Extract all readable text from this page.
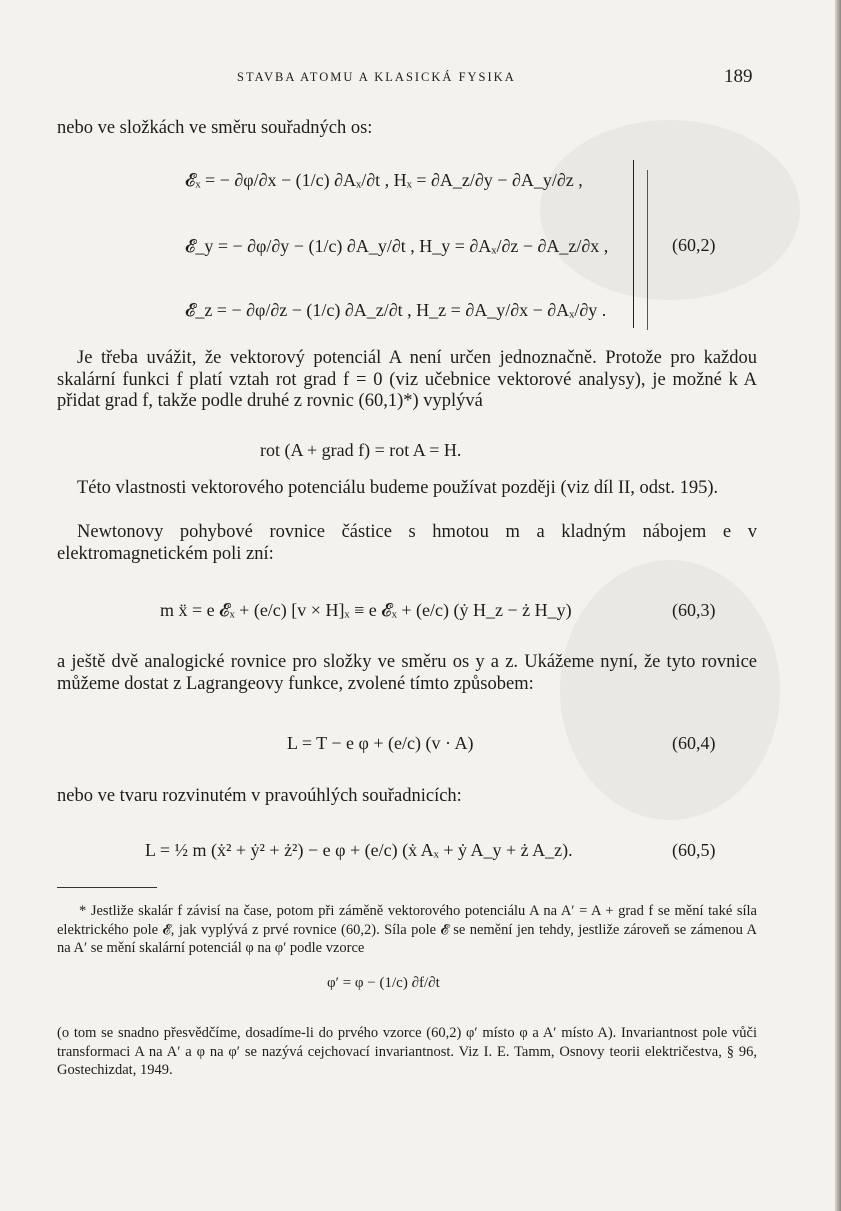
STAVBA ATOMU A KLASICKÁ FYSIKA	189

nebo ve složkách ve směru souřadných os:

𝓔ₓ = − ∂φ/∂x − (1/c) ∂Aₓ/∂t , Hₓ = ∂A_z/∂y − ∂A_y/∂z ,
𝓔_y = − ∂φ/∂y − (1/c) ∂A_y/∂t , H_y = ∂Aₓ/∂z − ∂A_z/∂x ,
𝓔_z = − ∂φ/∂z − (1/c) ∂A_z/∂t , H_z = ∂A_y/∂x − ∂Aₓ/∂y .
(60,2)

Je třeba uvážit, že vektorový potenciál A není určen jednoznačně. Protože pro každou skalární funkci f platí vztah rot grad f = 0 (viz učebnice vektorové analysy), je možné k A přidat grad f, takže podle druhé z rovnic (60,1)*) vyplývá

rot (A + grad f) = rot A = H.

Této vlastnosti vektorového potenciálu budeme používat později (viz díl II, odst. 195).

Newtonovy pohybové rovnice částice s hmotou m a kladným nábojem e v elektromagnetickém poli zní:

m ẍ = e 𝓔ₓ + (e/c) [v × H]ₓ ≡ e 𝓔ₓ + (e/c) (ẏ H_z − ż H_y)	(60,3)

a ještě dvě analogické rovnice pro složky ve směru os y a z. Ukážeme nyní, že tyto rovnice můžeme dostat z Lagrangeovy funkce, zvolené tímto způsobem:

L = T − e φ + (e/c) (v · A)	(60,4)

nebo ve tvaru rozvinutém v pravoúhlých souřadnicích:

L = ½ m (ẋ² + ẏ² + ż²) − e φ + (e/c) (ẋ Aₓ + ẏ A_y + ż A_z).	(60,5)

* Jestliže skalár f závisí na čase, potom při záměně vektorového potenciálu A na A′ = A + grad f se mění také síla elektrického pole 𝓔, jak vyplývá z prvé rovnice (60,2). Síla pole 𝓔 se nemění jen tehdy, jestliže zároveň se zámenou A na A′ se mění skalární potenciál φ na φ′ podle vzorce

φ′ = φ − (1/c) ∂f/∂t

(o tom se snadno přesvědčíme, dosadíme-li do prvého vzorce (60,2) φ′ místo φ a A′ místo A). Invariantnost pole vůči transformaci A na A′ a φ na φ′ se nazývá cejchovací invariantnost. Viz I. E. Tamm, Osnovy teorii električestva, § 96, Gostechizdat, 1949.
